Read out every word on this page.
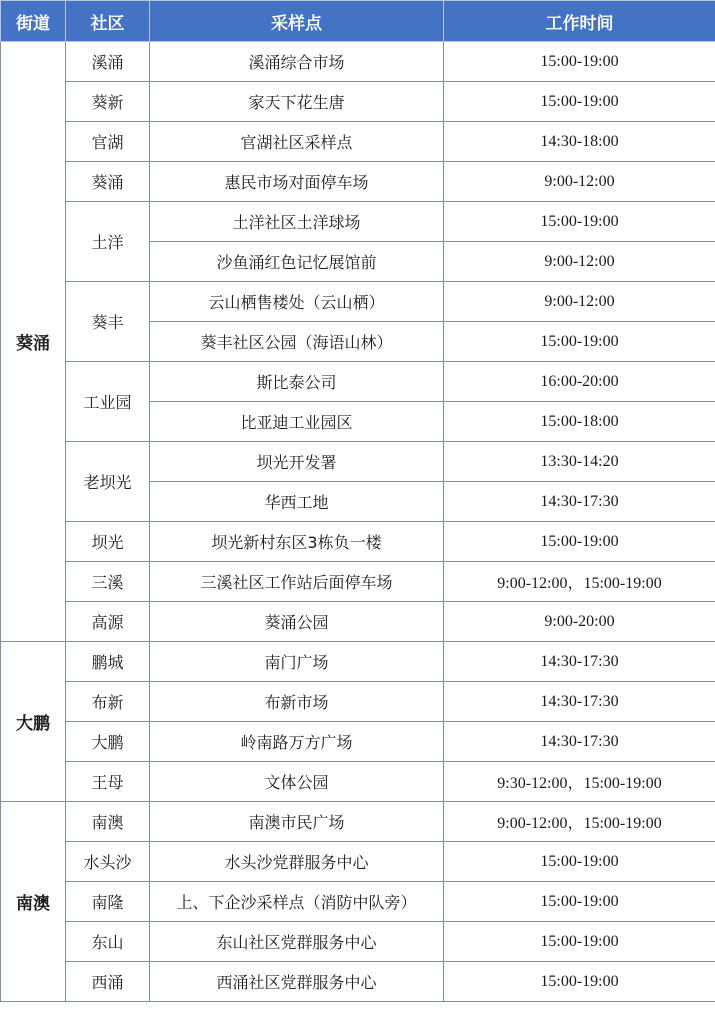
街道	社区	采样点	工作时间
葵涌	溪涌	溪涌综合市场	15:00-19:00
	葵新	家天下花生唐	15:00-19:00
	官湖	官湖社区采样点	14:30-18:00
	葵涌	惠民市场对面停车场	9:00-12:00
	土洋	土洋社区土洋球场	15:00-19:00
		沙鱼涌红色记忆展馆前	9:00-12:00
	葵丰	云山栖售楼处（云山栖）	9:00-12:00
		葵丰社区公园（海语山林）	15:00-19:00
	工业园	斯比泰公司	16:00-20:00
		比亚迪工业园区	15:00-18:00
	老坝光	坝光开发署	13:30-14:20
		华西工地	14:30-17:30
	坝光	坝光新村东区3栋负一楼	15:00-19:00
	三溪	三溪社区工作站后面停车场	9:00-12:00，15:00-19:00
	高源	葵涌公园	9:00-20:00
大鹏	鹏城	南门广场	14:30-17:30
	布新	布新市场	14:30-17:30
	大鹏	岭南路万方广场	14:30-17:30
	王母	文体公园	9:30-12:00，15:00-19:00
南澳	南澳	南澳市民广场	9:00-12:00，15:00-19:00
	水头沙	水头沙党群服务中心	15:00-19:00
	南隆	上、下企沙采样点（消防中队旁）	15:00-19:00
	东山	东山社区党群服务中心	15:00-19:00
	西涌	西涌社区党群服务中心	15:00-19:00
